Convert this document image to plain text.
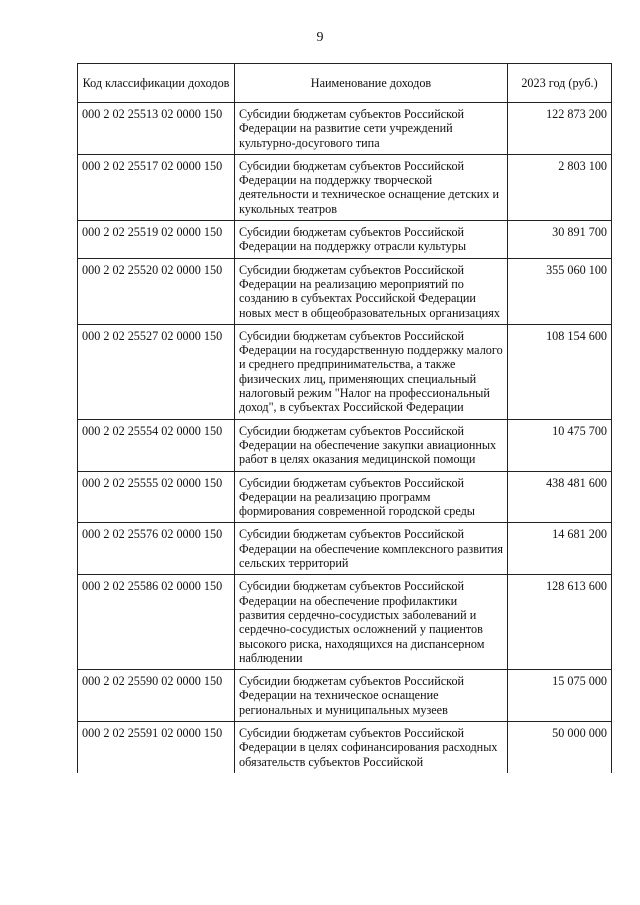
9
Код классификации доходов	Наименование доходов	2023 год (руб.)
000 2 02 25513 02 0000 150	Субсидии бюджетам субъектов Российской Федерации на развитие сети учреждений культурно-досугового типа	122 873 200
000 2 02 25517 02 0000 150	Субсидии бюджетам субъектов Российской Федерации на поддержку творческой деятельности и техническое оснащение детских и кукольных театров	2 803 100
000 2 02 25519 02 0000 150	Субсидии бюджетам субъектов Российской Федерации на поддержку отрасли культуры	30 891 700
000 2 02 25520 02 0000 150	Субсидии бюджетам субъектов Российской Федерации на реализацию мероприятий по созданию в субъектах Российской Федерации новых мест в общеобразовательных организациях	355 060 100
000 2 02 25527 02 0000 150	Субсидии бюджетам субъектов Российской Федерации на государственную поддержку малого и среднего предпринимательства, а также физических лиц, применяющих специальный налоговый режим "Налог на профессиональный доход", в субъектах Российской Федерации	108 154 600
000 2 02 25554 02 0000 150	Субсидии бюджетам субъектов Российской Федерации на обеспечение закупки авиационных работ в целях оказания медицинской помощи	10 475 700
000 2 02 25555 02 0000 150	Субсидии бюджетам субъектов Российской Федерации на реализацию программ формирования современной городской среды	438 481 600
000 2 02 25576 02 0000 150	Субсидии бюджетам субъектов Российской Федерации на обеспечение комплексного развития сельских территорий	14 681 200
000 2 02 25586 02 0000 150	Субсидии бюджетам субъектов Российской Федерации на обеспечение профилактики развития сердечно-сосудистых заболеваний и сердечно-сосудистых осложнений у пациентов высокого риска, находящихся на диспансерном наблюдении	128 613 600
000 2 02 25590 02 0000 150	Субсидии бюджетам субъектов Российской Федерации на техническое оснащение региональных и муниципальных музеев	15 075 000
000 2 02 25591 02 0000 150	Субсидии бюджетам субъектов Российской Федерации в целях софинансирования расходных обязательств субъектов Российской	50 000 000
